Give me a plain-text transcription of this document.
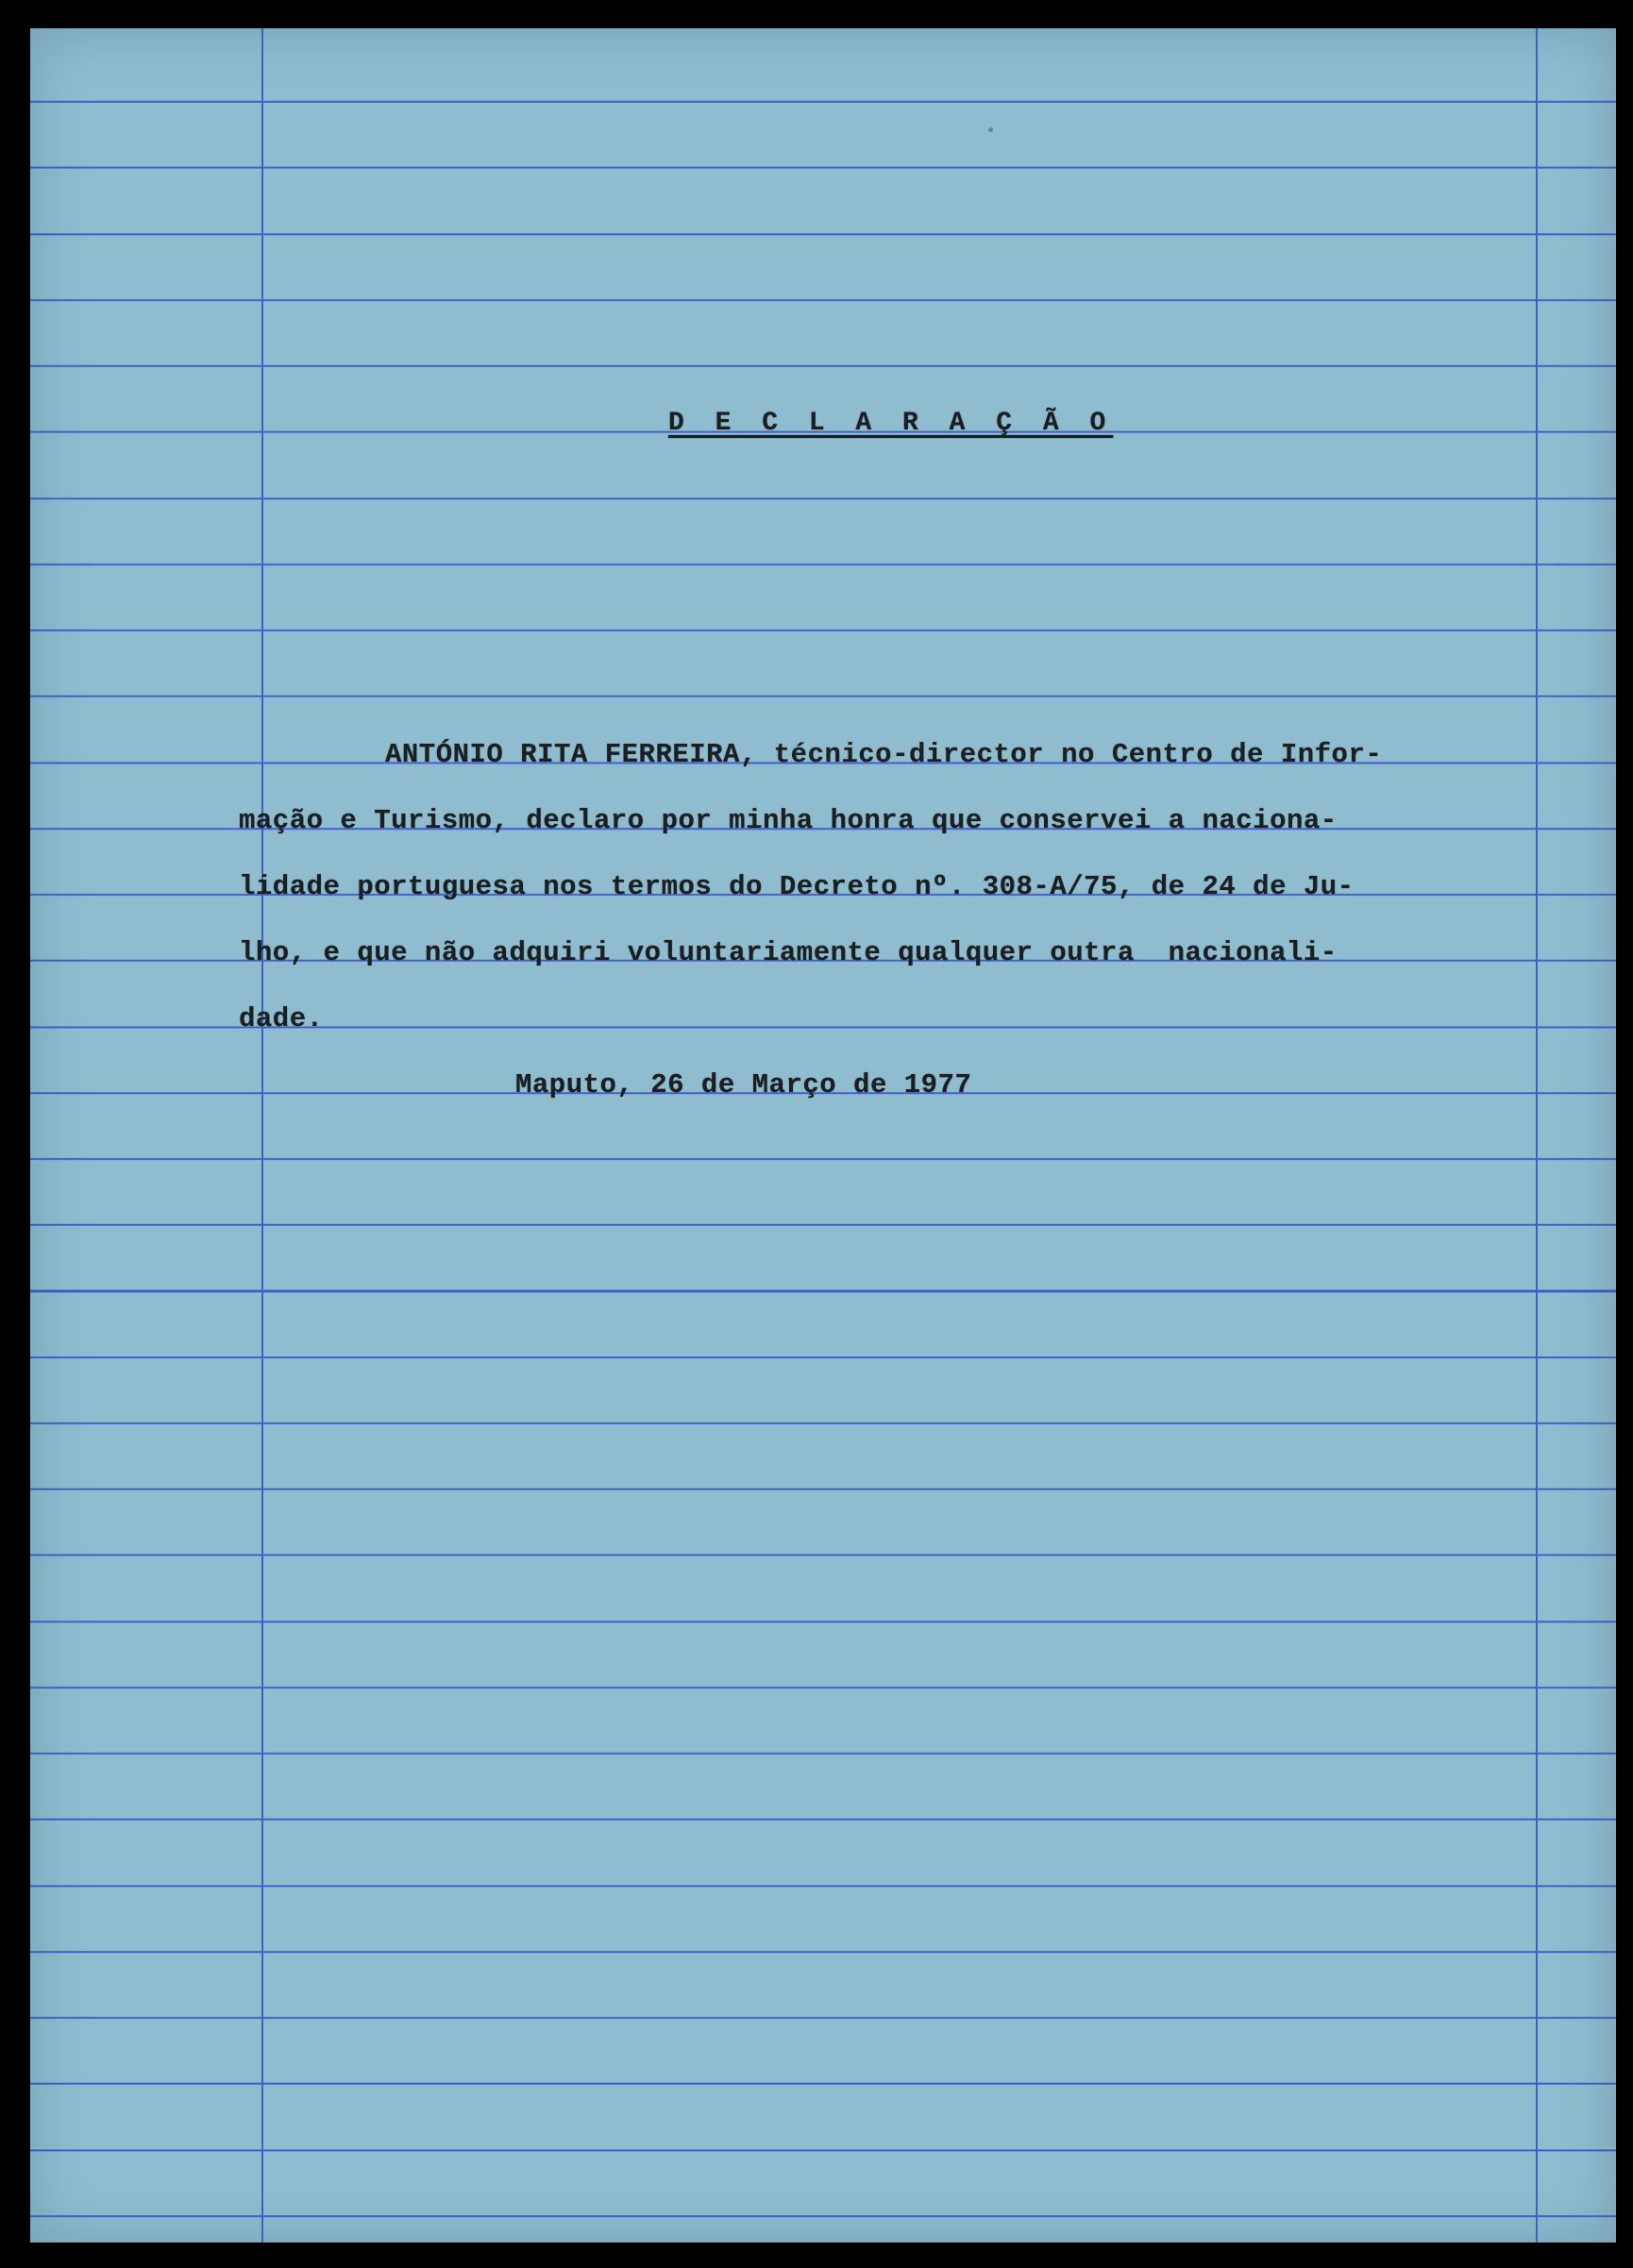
D E C L A R A Ç Ã O
ANTÓNIO RITA FERREIRA, técnico-director no Centro de Infor-
mação e Turismo, declaro por minha honra que conservei a naciona-
lidade portuguesa nos termos do Decreto nº. 308-A/75, de 24 de Ju-
lho, e que não adquiri voluntariamente qualquer outra  nacionali-
dade.
Maputo, 26 de Março de 1977
